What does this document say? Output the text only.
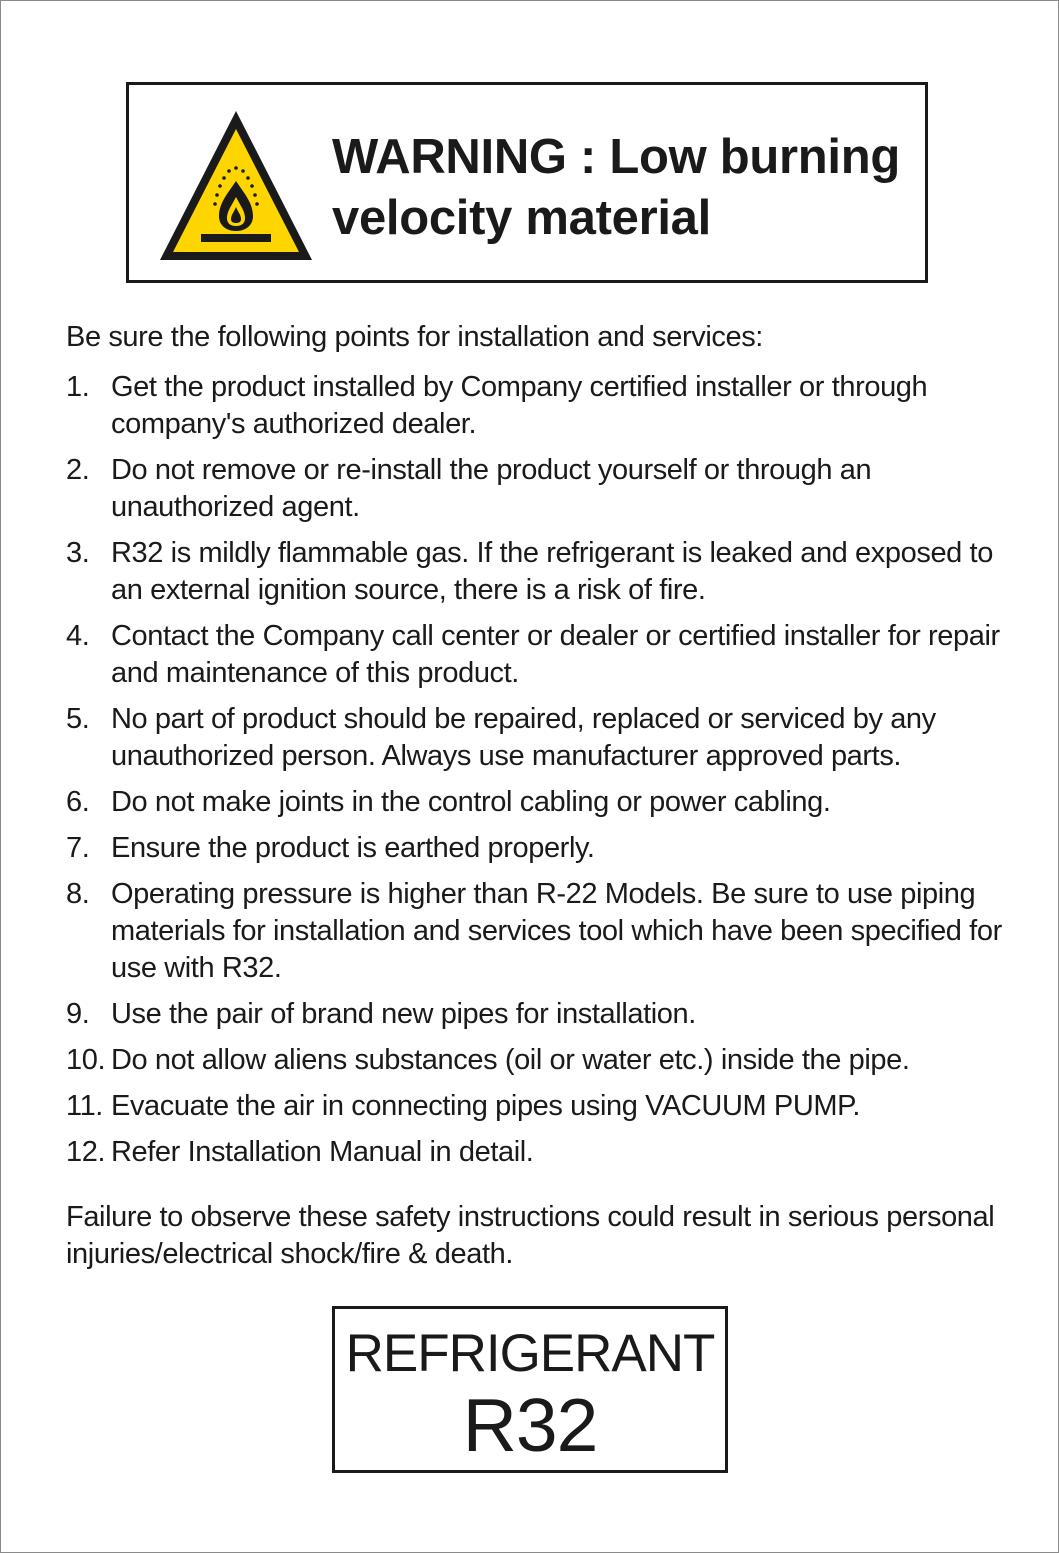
WARNING : Low burning velocity material
Be sure the following points for installation and services:
1. Get the product installed by Company certified installer or through company's authorized dealer.
2. Do not remove or re-install the product yourself or through an unauthorized agent.
3. R32 is mildly flammable gas. If the refrigerant is leaked and exposed to an external ignition source, there is a risk of fire.
4. Contact the Company call center or dealer or certified installer for repair and maintenance of this product.
5. No part of product should be repaired, replaced or serviced by any unauthorized person. Always use manufacturer approved parts.
6. Do not make joints in the control cabling or power cabling.
7. Ensure the product is earthed properly.
8. Operating pressure is higher than R-22 Models. Be sure to use piping materials for installation and services tool which have been specified for use with R32.
9. Use the pair of brand new pipes for installation.
10. Do not allow aliens substances (oil or water etc.) inside the pipe.
11. Evacuate the air in connecting pipes using VACUUM PUMP.
12. Refer Installation Manual in detail.
Failure to observe these safety instructions could result in serious personal injuries/electrical shock/fire & death.
REFRIGERANT
R32
